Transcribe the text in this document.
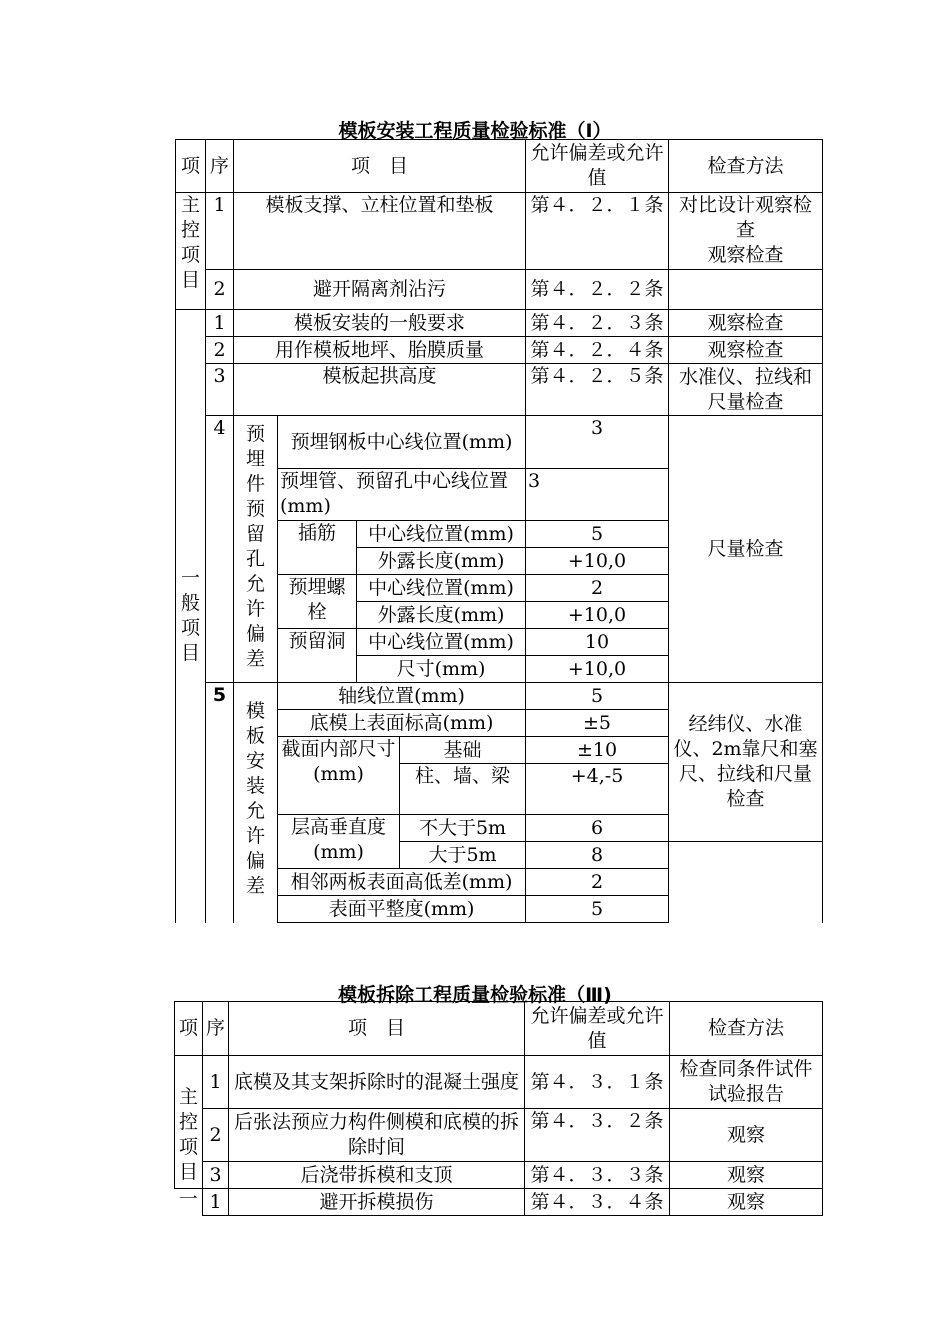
模板安装工程质量检验标准（Ⅰ）
项	序	项　目				允许偏差或允许值	检查方法

主控项目	1	模板支撑、立柱位置和垫板				第４．２．１条	对比设计观察检查
观察检查
	2	避开隔离剂沾污				第４．２．２条	

一般项目	1	模板安装的一般要求				第４．２．３条	观察检查
	2	用作模板地坪、胎膜质量				第４．２．４条	观察检查
	3	模板起拱高度				第４．２．５条	水准仪、拉线和尺量检查
	4	预埋件预留孔允许偏差	预埋钢板中心线位置(mm)			3	尺量检查
			预埋管、预留孔中心线位置(mm)			3	
			插筋	中心线位置(mm)		5	
				外露长度(mm)		+10,0	

			预埋螺栓	中心线位置(mm)		2	
				外露长度(mm)		+10,0	
			预留洞	中心线位置(mm)		10	
				尺寸(mm)		+10,0	
	5	模板安装允许偏差	轴线位置(mm)			5	经纬仪、水准仪、2m靠尺和塞尺、拉线和尺量检查
			底模上表面标高(mm)			±5	
			截面内部尺寸(mm)		基础	±10	
					柱、墙、梁	+4,-5	
			层高垂直度(mm)		不大于5m	6	
					大于5m	8	
			相邻两板表面高低差(mm)			2	
			表面平整度(mm)			5	
模板拆除工程质量检验标准（Ⅲ)
项	序	项　目	允许偏差或允许值	检查方法

主控项目	1	底模及其支架拆除时的混凝土强度	第４．３．１条	检查同条件试件试验报告
	2	后张法预应力构件侧模和底模的拆除时间	第４．３．２条	观察
	3	后浇带拆模和支顶	第４．３．３条	观察
一	1	避开拆模损伤	第４．３．４条	观察
